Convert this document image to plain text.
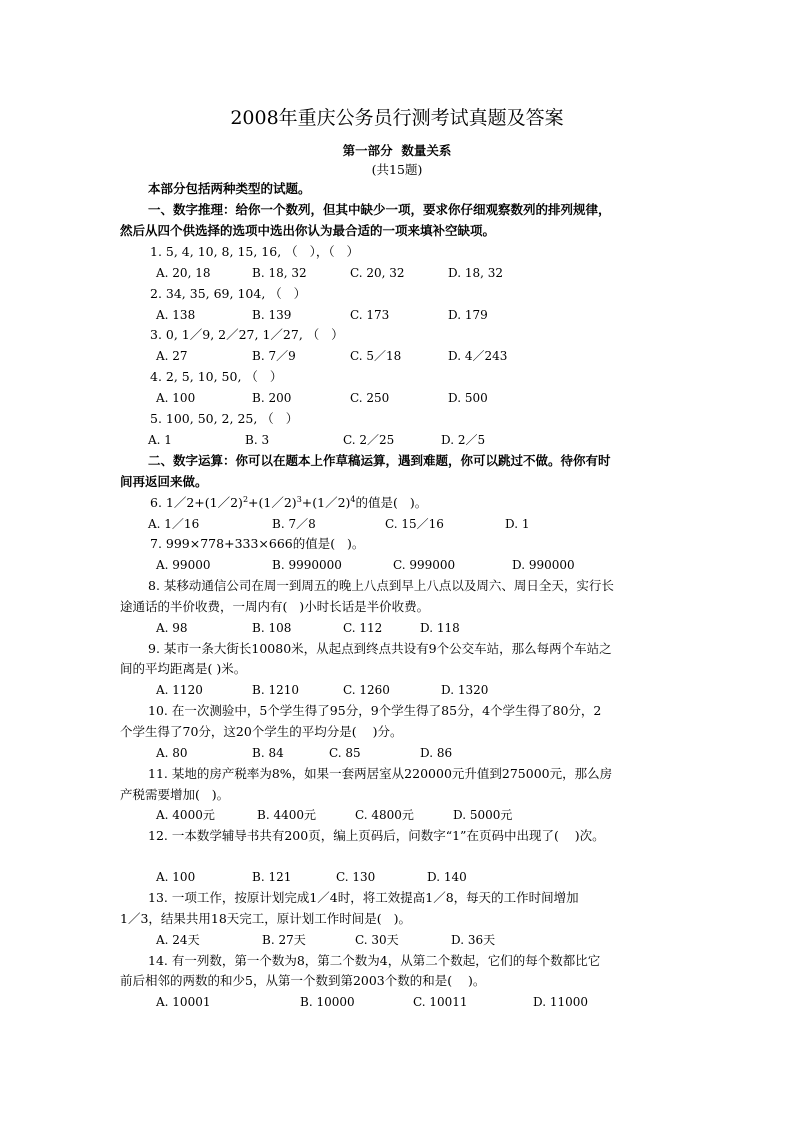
2008年重庆公务员行测考试真题及答案
第一部分  数量关系
(共15题)
本部分包括两种类型的试题。
一、数字推理：给你一个数列，但其中缺少一项，要求你仔细观察数列的排列规律，
然后从四个供选择的选项中选出你认为最合适的一项来填补空缺项。
1. 5, 4, 10, 8, 15, 16, （   ），（   ）
A. 20, 18	B. 18, 32	C. 20, 32	D. 18, 32
2. 34, 35, 69, 104, （   ）
A. 138	B. 139	C. 173	D. 179
3. 0, 1／9, 2／27, 1／27, （   ）
A. 27	B. 7／9	C. 5／18	D. 4／243
4. 2, 5, 10, 50, （   ）
A. 100	B. 200	C. 250	D. 500
5. 100, 50, 2, 25, （   ）
A. 1	B. 3	C. 2／25	D. 2／5
二、数字运算：你可以在题本上作草稿运算，遇到难题，你可以跳过不做。待你有时
间再返回来做。
6. 1／2+(1／2)$^2$+(1／2)$^3$+(1／2)$^4$的值是(   )。
A. 1／16	B. 7／8	C. 15／16	D. 1
7. 999×778+333×666的值是(   )。
A. 99000	B. 9990000	C. 999000	D. 990000
8. 某移动通信公司在周一到周五的晚上八点到早上八点以及周六、周日全天，实行长
途通话的半价收费，一周内有(   )小时长话是半价收费。
A. 98	B. 108	C. 112	D. 118
9. 某市一条大街长10080米，从起点到终点共设有9个公交车站，那么每两个车站之
间的平均距离是( )米。
A. 1120	B. 1210	C. 1260	D. 1320
10. 在一次测验中，5个学生得了95分，9个学生得了85分，4个学生得了80分，2
个学生得了70分，这20个学生的平均分是(    )分。
A. 80	B. 84	C. 85	D. 86
11. 某地的房产税率为8%，如果一套两居室从220000元升值到275000元，那么房
产税需要增加(   )。
A. 4000元	B. 4400元	C. 4800元	D. 5000元
12. 一本数学辅导书共有200页，编上页码后，问数字“1”在页码中出现了(    )次。
A. 100	B. 121	C. 130	D. 140
13. 一项工作，按原计划完成1／4时，将工效提高1／8，每天的工作时间增加
1／3，结果共用18天完工，原计划工作时间是(   )。
A. 24天	B. 27天	C. 30天	D. 36天
14. 有一列数，第一个数为8，第二个数为4，从第二个数起，它们的每个数都比它
前后相邻的两数的和少5，从第一个数到第2003个数的和是(    )。
A. 10001	B. 10000	C. 10011	D. 11000
